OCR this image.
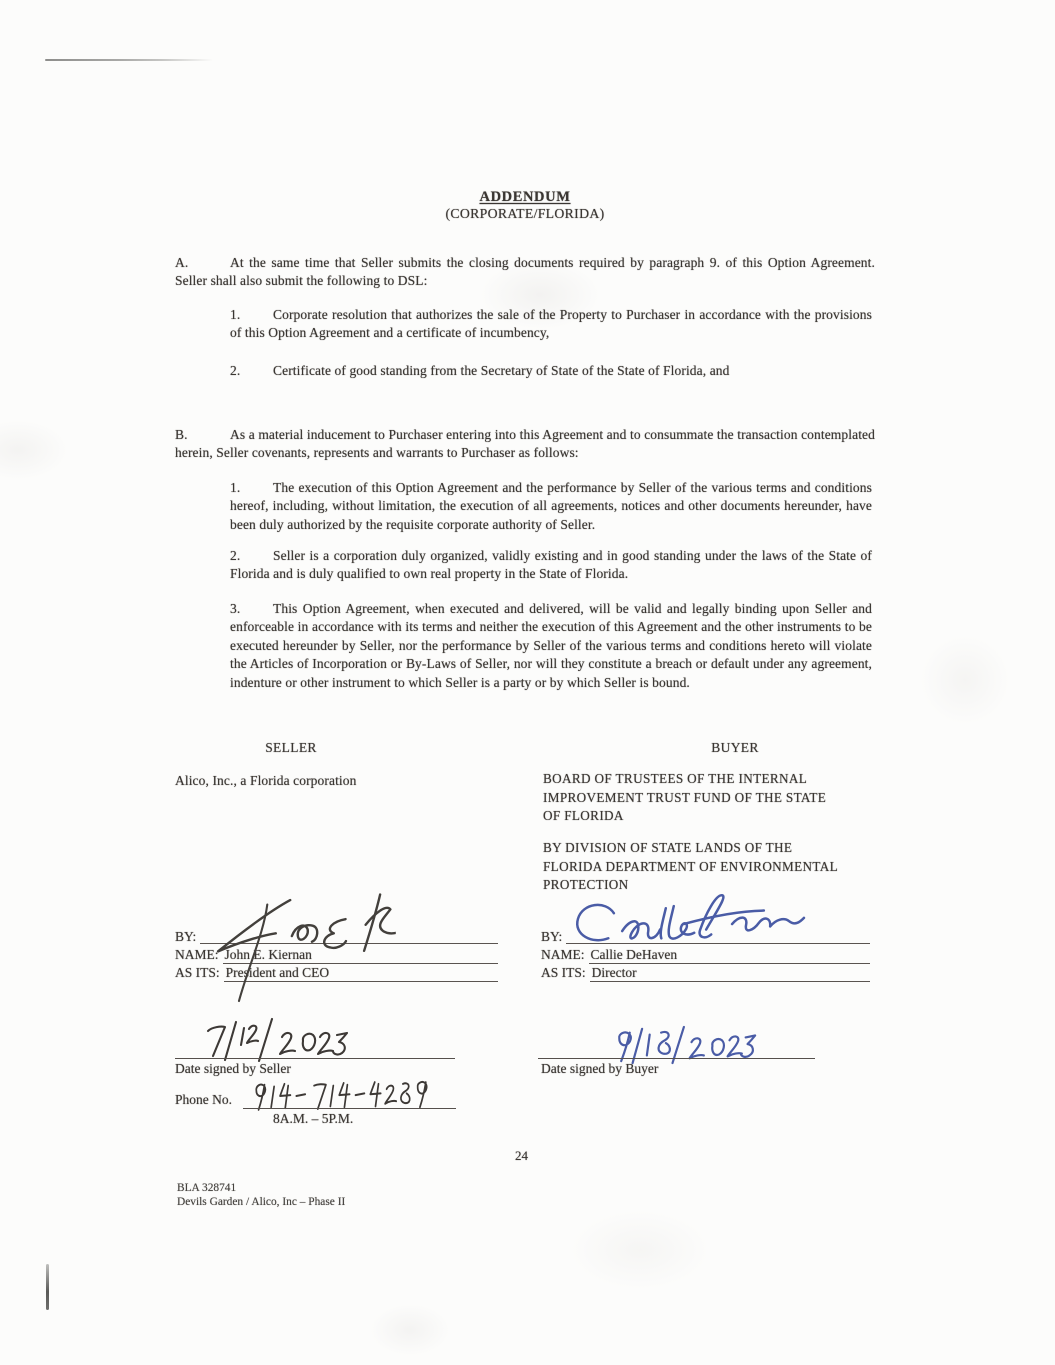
ADDENDUM
(CORPORATE/FLORIDA)
A.	At the same time that Seller submits the closing documents required by paragraph 9. of this Option Agreement. Seller shall also submit the following to DSL:
1. Corporate resolution that authorizes the sale of the Property to Purchaser in accordance with the provisions of this Option Agreement and a certificate of incumbency,
2. Certificate of good standing from the Secretary of State of the State of Florida, and
B.	As a material inducement to Purchaser entering into this Agreement and to consummate the transaction contemplated herein, Seller covenants, represents and warrants to Purchaser as follows:
1. The execution of this Option Agreement and the performance by Seller of the various terms and conditions hereof, including, without limitation, the execution of all agreements, notices and other documents hereunder, have been duly authorized by the requisite corporate authority of Seller.
2. Seller is a corporation duly organized, validly existing and in good standing under the laws of the State of Florida and is duly qualified to own real property in the State of Florida.
3. This Option Agreement, when executed and delivered, will be valid and legally binding upon Seller and enforceable in accordance with its terms and neither the execution of this Agreement and the other instruments to be executed hereunder by Seller, nor the performance by Seller of the various terms and conditions hereto will violate the Articles of Incorporation or By-Laws of Seller, nor will they constitute a breach or default under any agreement, indenture or other instrument to which Seller is a party or by which Seller is bound.
SELLER	BUYER
Alico, Inc., a Florida corporation	BOARD OF TRUSTEES OF THE INTERNAL
IMPROVEMENT TRUST FUND OF THE STATE
OF FLORIDA
BY DIVISION OF STATE LANDS OF THE
FLORIDA DEPARTMENT OF ENVIRONMENTAL
PROTECTION
BY:
NAME: John E. Kiernan
AS ITS: President and CEO
BY:
NAME: Callie DeHaven
AS ITS: Director
Date signed by Seller
Phone No.
8A.M. – 5P.M.
Date signed by Buyer
24
BLA 328741
Devils Garden / Alico, Inc – Phase II
